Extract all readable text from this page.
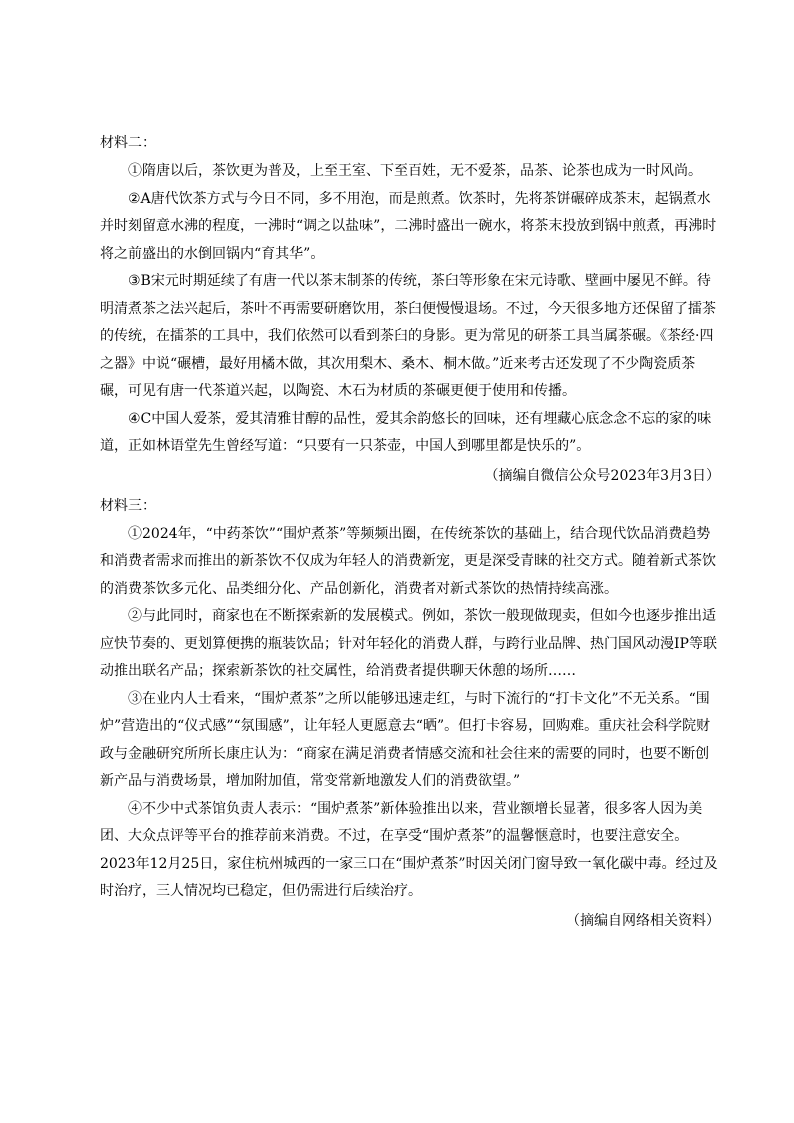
材料二：

①隋唐以后，茶饮更为普及，上至王室、下至百姓，无不爱茶，品茶、论茶也成为一时风尚。

②A唐代饮茶方式与今日不同，多不用泡，而是煎煮。饮茶时，先将茶饼碾碎成茶末，起锅煮水并时刻留意水沸的程度，一沸时“调之以盐味”，二沸时盛出一碗水，将茶末投放到锅中煎煮，再沸时将之前盛出的水倒回锅内“育其华”。

③B宋元时期延续了有唐一代以茶末制茶的传统，茶臼等形象在宋元诗歌、壁画中屡见不鲜。待明清煮茶之法兴起后，茶叶不再需要研磨饮用，茶臼便慢慢退场。不过，今天很多地方还保留了擂茶的传统，在擂茶的工具中，我们依然可以看到茶臼的身影。更为常见的研茶工具当属茶碾。《茶经·四之器》中说“碾槽，最好用橘木做，其次用梨木、桑木、桐木做。”近来考古还发现了不少陶瓷质茶碾，可见有唐一代茶道兴起，以陶瓷、木石为材质的茶碾更便于使用和传播。

④C中国人爱茶，爱其清雅甘醇的品性，爱其余韵悠长的回味，还有埋藏心底念念不忘的家的味道，正如林语堂先生曾经写道：“只要有一只茶壶，中国人到哪里都是快乐的”。

（摘编自微信公众号2023年3月3日）
材料三：

①2024年，“中药茶饮”“围炉煮茶”等频频出圈，在传统茶饮的基础上，结合现代饮品消费趋势和消费者需求而推出的新茶饮不仅成为年轻人的消费新宠，更是深受青睐的社交方式。随着新式茶饮的消费茶饮多元化、品类细分化、产品创新化，消费者对新式茶饮的热情持续高涨。

②与此同时，商家也在不断探索新的发展模式。例如，茶饮一般现做现卖，但如今也逐步推出适应快节奏的、更划算便携的瓶装饮品；针对年轻化的消费人群，与跨行业品牌、热门国风动漫IP等联动推出联名产品；探索新茶饮的社交属性，给消费者提供聊天休憩的场所……

③在业内人士看来，“围炉煮茶”之所以能够迅速走红，与时下流行的“打卡文化”不无关系。“围炉”营造出的“仪式感”“氛围感”，让年轻人更愿意去“晒”。但打卡容易，回购难。重庆社会科学院财政与金融研究所所长康庄认为：“商家在满足消费者情感交流和社会往来的需要的同时，也要不断创新产品与消费场景，增加附加值，常变常新地激发人们的消费欲望。”

④不少中式茶馆负责人表示：“围炉煮茶”新体验推出以来，营业额增长显著，很多客人因为美团、大众点评等平台的推荐前来消费。不过，在享受“围炉煮茶”的温馨惬意时，也要注意安全。2023年12月25日，家住杭州城西的一家三口在“围炉煮茶”时因关闭门窗导致一氧化碳中毒。经过及时治疗，三人情况均已稳定，但仍需进行后续治疗。

（摘编自网络相关资料）
